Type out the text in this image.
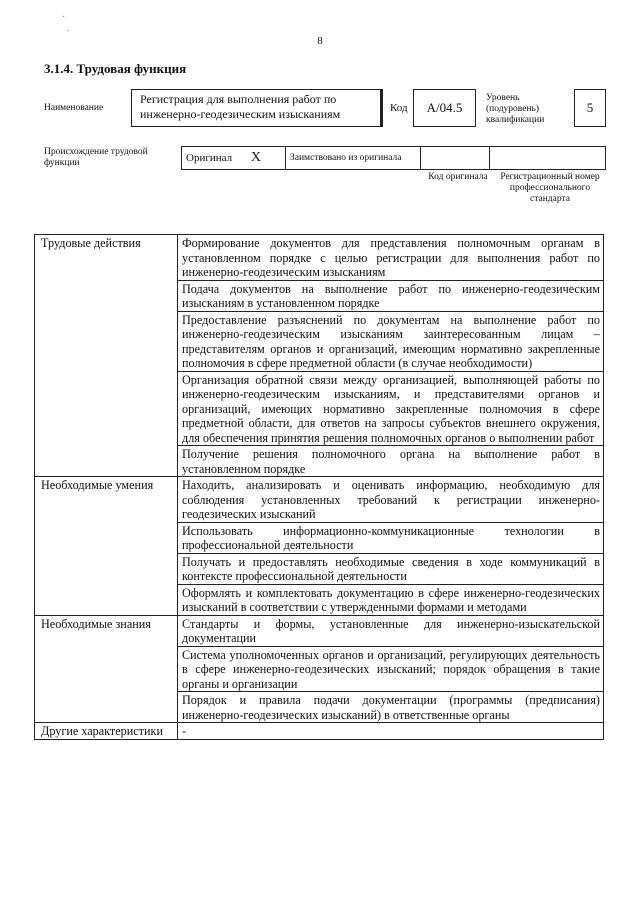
·
·
8
3.1.4. Трудовая функция
Наименование
Регистрация для выполнения работ по инженерно-геодезическим изысканиям	Код A/04.5
Уровень (подуровень) квалификации
5
Происхождение трудовой функции	Оригинал X	Заимствовано из оригинала		
Код оригинала	Регистрационный номер профессионального стандарта
Трудовые действия	Формирование документов для представления полномочным органам в установленном порядке с целью регистрации для выполнения работ по инженерно-геодезическим изысканиям
	Подача документов на выполнение работ по инженерно-геодезическим изысканиям в установленном порядке
	Предоставление разъяснений по документам на выполнение работ по инженерно-геодезическим изысканиям заинтересованным лицам – представителям органов и организаций, имеющим нормативно закрепленные полномочия в сфере предметной области (в случае необходимости)
	Организация обратной связи между организацией, выполняющей работы по инженерно-геодезическим изысканиям, и представителями органов и организаций, имеющих нормативно закрепленные полномочия в сфере предметной области, для ответов на запросы субъектов внешнего окружения, для обеспечения принятия решения полномочных органов о выполнении работ
	Получение решения полномочного органа на выполнение работ в установленном порядке
Необходимые умения	Находить, анализировать и оценивать информацию, необходимую для соблюдения установленных требований к регистрации инженерно-геодезических изысканий
	Использовать информационно-коммуникационные технологии в профессиональной деятельности
	Получать и предоставлять необходимые сведения в ходе коммуникаций в контексте профессиональной деятельности
	Оформлять и комплектовать документацию в сфере инженерно-геодезических изысканий в соответствии с утвержденными формами и методами
Необходимые знания	Стандарты и формы, установленные для инженерно-изыскательской документации
	Система уполномоченных органов и организаций, регулирующих деятельность в сфере инженерно-геодезических изысканий; порядок обращения в такие органы и организации
	Порядок и правила подачи документации (программы (предписания) инженерно-геодезических изысканий) в ответственные органы
Другие характеристики	-
